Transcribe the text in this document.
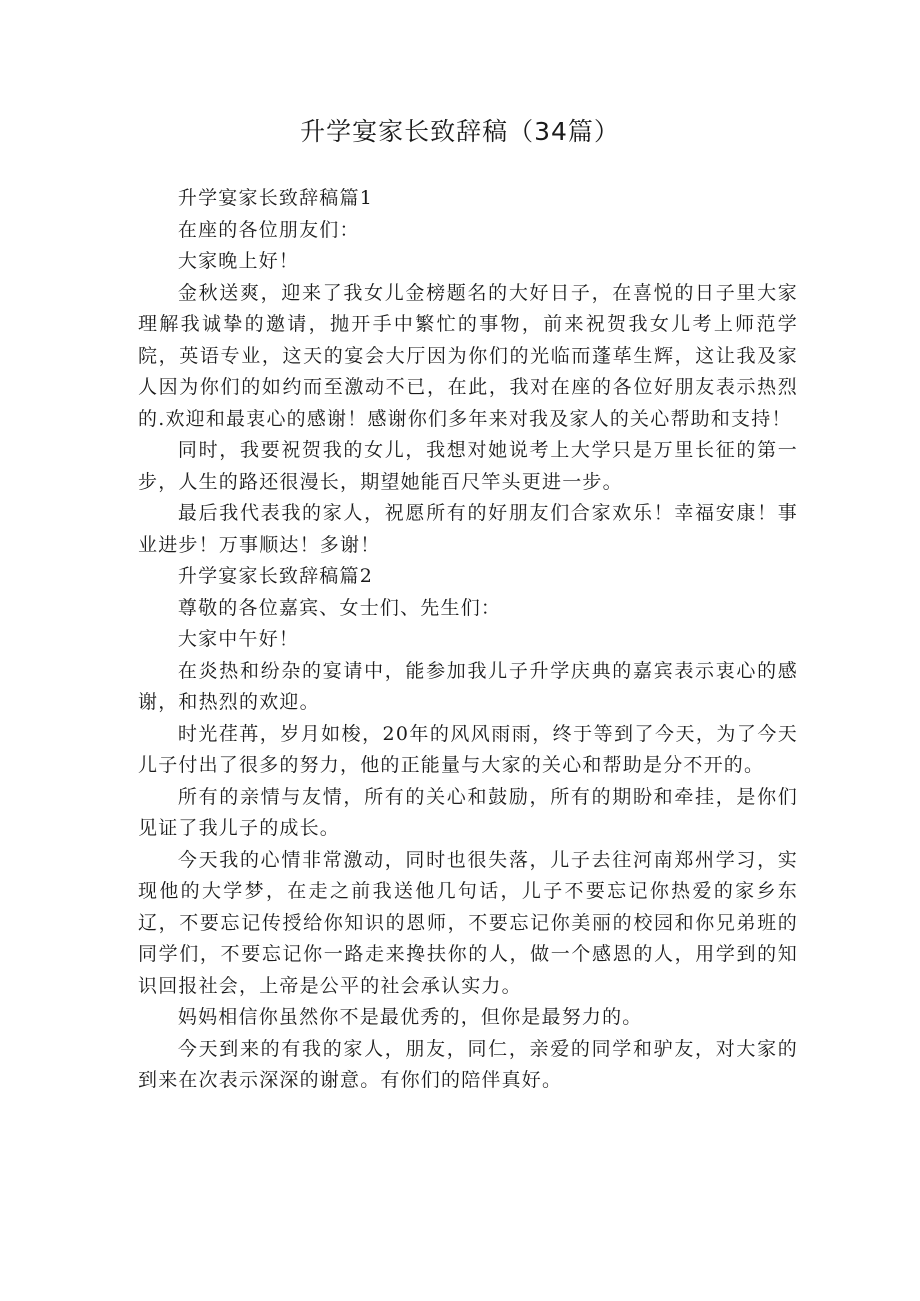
升学宴家长致辞稿（34篇）

升学宴家长致辞稿篇1

在座的各位朋友们：

大家晚上好！

金秋送爽，迎来了我女儿金榜题名的大好日子，在喜悦的日子里大家理解我诚挚的邀请，抛开手中繁忙的事物，前来祝贺我女儿考上师范学院，英语专业，这天的宴会大厅因为你们的光临而蓬荜生辉，这让我及家人因为你们的如约而至激动不已，在此，我对在座的各位好朋友表示热烈的.欢迎和最衷心的感谢！感谢你们多年来对我及家人的关心帮助和支持！

同时，我要祝贺我的女儿，我想对她说考上大学只是万里长征的第一步，人生的路还很漫长，期望她能百尺竿头更进一步。

最后我代表我的家人，祝愿所有的好朋友们合家欢乐！幸福安康！事业进步！万事顺达！多谢！

升学宴家长致辞稿篇2

尊敬的各位嘉宾、女士们、先生们：

大家中午好！

在炎热和纷杂的宴请中，能参加我儿子升学庆典的嘉宾表示衷心的感谢，和热烈的欢迎。

时光荏苒，岁月如梭，20年的风风雨雨，终于等到了今天，为了今天儿子付出了很多的努力，他的正能量与大家的关心和帮助是分不开的。

所有的亲情与友情，所有的关心和鼓励，所有的期盼和牵挂，是你们见证了我儿子的成长。

今天我的心情非常激动，同时也很失落，儿子去往河南郑州学习，实现他的大学梦，在走之前我送他几句话，儿子不要忘记你热爱的家乡东辽，不要忘记传授给你知识的恩师，不要忘记你美丽的校园和你兄弟班的同学们，不要忘记你一路走来搀扶你的人，做一个感恩的人，用学到的知识回报社会，上帝是公平的社会承认实力。

妈妈相信你虽然你不是最优秀的，但你是最努力的。

今天到来的有我的家人，朋友，同仁，亲爱的同学和驴友，对大家的到来在次表示深深的谢意。有你们的陪伴真好。
